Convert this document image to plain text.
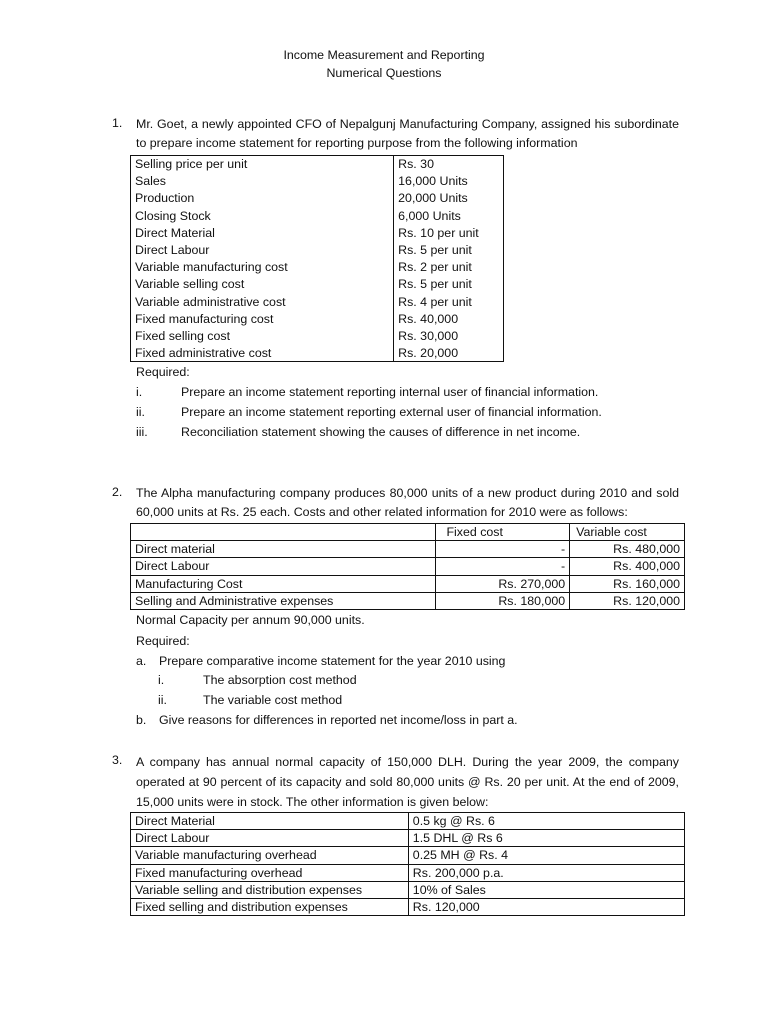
Income Measurement and Reporting
Numerical Questions
1. Mr. Goet, a newly appointed CFO of Nepalgunj Manufacturing Company, assigned his subordinate to prepare income statement for reporting purpose from the following information
Selling price per unit	Rs. 30
Sales	16,000 Units
Production	20,000 Units
Closing Stock	6,000 Units
Direct Material	Rs. 10 per unit
Direct Labour	Rs. 5 per unit
Variable manufacturing cost	Rs. 2 per unit
Variable selling cost	Rs. 5 per unit
Variable administrative cost	Rs. 4 per unit
Fixed manufacturing cost	Rs. 40,000
Fixed selling cost	Rs. 30,000
Fixed administrative cost	Rs. 20,000
Required:
i.	Prepare an income statement reporting internal user of financial information.
ii.	Prepare an income statement reporting external user of financial information.
iii.	Reconciliation statement showing the causes of difference in net income.
2. The Alpha manufacturing company produces 80,000 units of a new product during 2010 and sold 60,000 units at Rs. 25 each. Costs and other related information for 2010 were as follows:
	Fixed cost	Variable cost
Direct material	-	Rs. 480,000
Direct Labour	-	Rs. 400,000
Manufacturing Cost	Rs. 270,000	Rs. 160,000
Selling and Administrative expenses	Rs. 180,000	Rs. 120,000
Normal Capacity per annum 90,000 units.
Required:
a. Prepare comparative income statement for the year 2010 using
i.	The absorption cost method
ii.	The variable cost method
b. Give reasons for differences in reported net income/loss in part a.
3. A company has annual normal capacity of 150,000 DLH. During the year 2009, the company operated at 90 percent of its capacity and sold 80,000 units @ Rs. 20 per unit. At the end of 2009, 15,000 units were in stock. The other information is given below:
Direct Material	0.5 kg @ Rs. 6
Direct Labour	1.5 DHL @ Rs 6
Variable manufacturing overhead	0.25 MH @ Rs. 4
Fixed manufacturing overhead	Rs. 200,000 p.a.
Variable selling and distribution expenses	10% of Sales
Fixed selling and distribution expenses	Rs. 120,000
